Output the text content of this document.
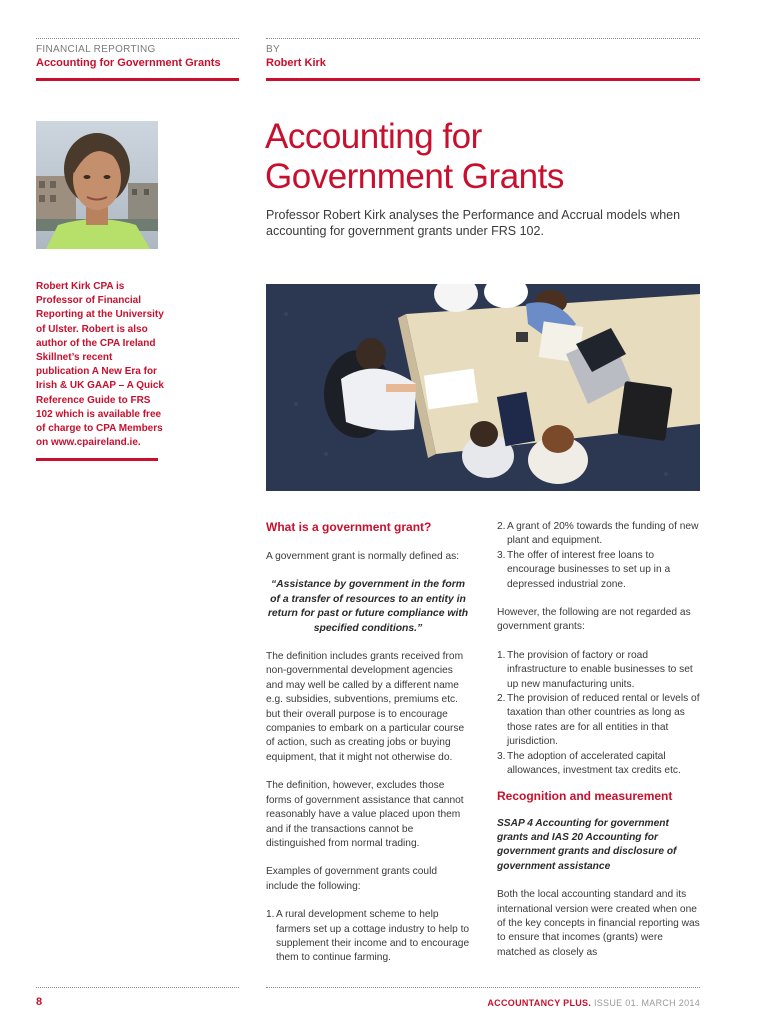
FINANCIAL REPORTING
Accounting for Government Grants
BY
Robert Kirk
Robert Kirk CPA is Professor of Financial Reporting at the University of Ulster. Robert is also author of the CPA Ireland Skillnet’s recent publication A New Era for Irish & UK GAAP – A Quick Reference Guide to FRS 102 which is available free of charge to CPA Members on www.cpaireland.ie.
Accounting for
Government Grants
Professor Robert Kirk analyses the Performance and Accrual models when accounting for government grants under FRS 102.
What is a government grant?

A government grant is normally defined as:

“Assistance by government in the form of a transfer of resources to an entity in return for past or future compliance with specified conditions.”

The definition includes grants received from non-governmental development agencies and may well be called by a different name e.g. subsidies, subventions, premiums etc. but their overall purpose is to encourage companies to embark on a particular course of action, such as creating jobs or buying equipment, that it might not otherwise do.

The definition, however, excludes those forms of government assistance that cannot reasonably have a value placed upon them and if the transactions cannot be distinguished from normal trading.

Examples of government grants could include the following:

1. A rural development scheme to help farmers set up a cottage industry to help to supplement their income and to encourage them to continue farming.
2. A grant of 20% towards the funding of new plant and equipment.
3. The offer of interest free loans to encourage businesses to set up in a depressed industrial zone.

However, the following are not regarded as government grants:

1. The provision of factory or road infrastructure to enable businesses to set up new manufacturing units.
2. The provision of reduced rental or levels of taxation than other countries as long as those rates are for all entities in that jurisdiction.
3. The adoption of accelerated capital allowances, investment tax credits etc.
Recognition and measurement
SSAP 4 Accounting for government grants and IAS 20 Accounting for government grants and disclosure of government assistance

Both the local accounting standard and its international version were created when one of the key concepts in financial reporting was to ensure that incomes (grants) were matched as closely as

8	ACCOUNTANCY PLUS. ISSUE 01. MARCH 2014
